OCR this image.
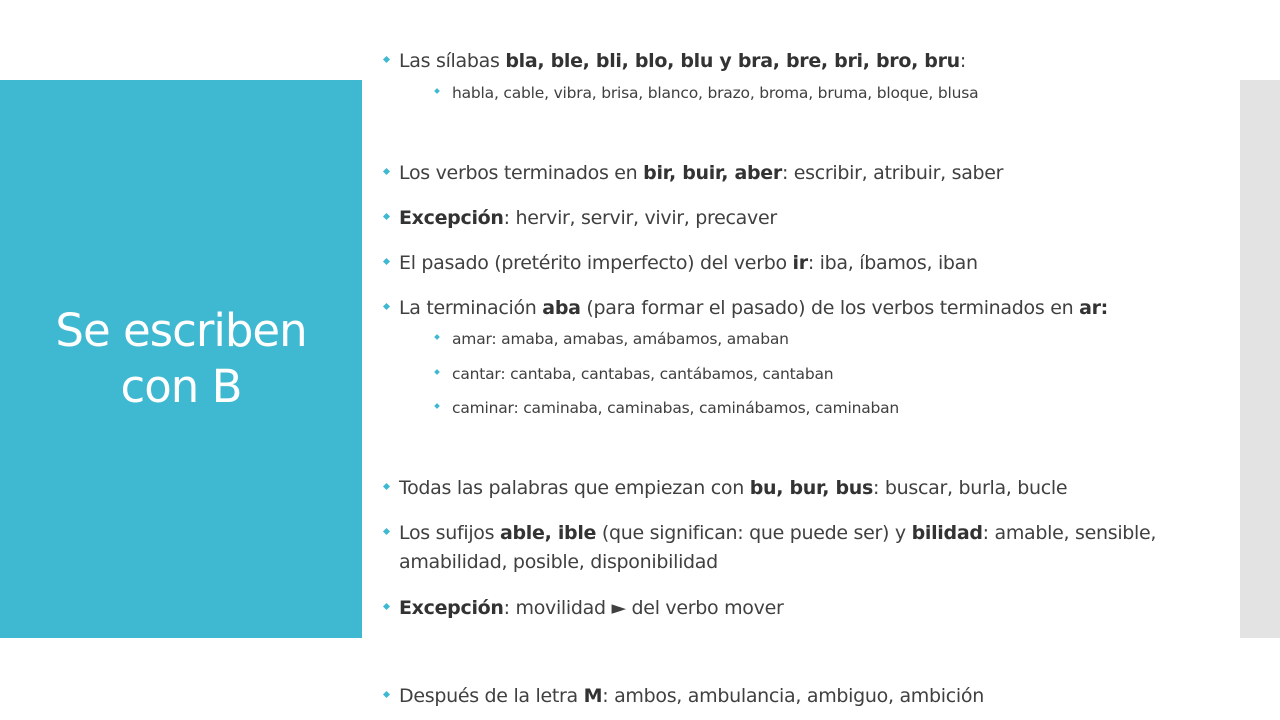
Se escriben
con B
Las sílabas bla, ble, bli, blo, blu y bra, bre, bri, bro, bru:
habla, cable, vibra, brisa, blanco, brazo, broma, bruma, bloque, blusa
Los verbos terminados en bir, buir, aber: escribir, atribuir, saber
Excepción: hervir, servir, vivir, precaver
El pasado (pretérito imperfecto) del verbo ir: iba, íbamos, iban
La terminación aba (para formar el pasado) de los verbos terminados en ar:
amar: amaba, amabas, amábamos, amaban
cantar: cantaba, cantabas, cantábamos, cantaban
caminar: caminaba, caminabas, caminábamos, caminaban
Todas las palabras que empiezan con bu, bur, bus: buscar, burla, bucle
Los sufijos able, ible (que significan: que puede ser) y bilidad: amable, sensible, amabilidad, posible, disponibilidad
Excepción: movilidad ► del verbo mover
Después de la letra M: ambos, ambulancia, ambiguo, ambición
